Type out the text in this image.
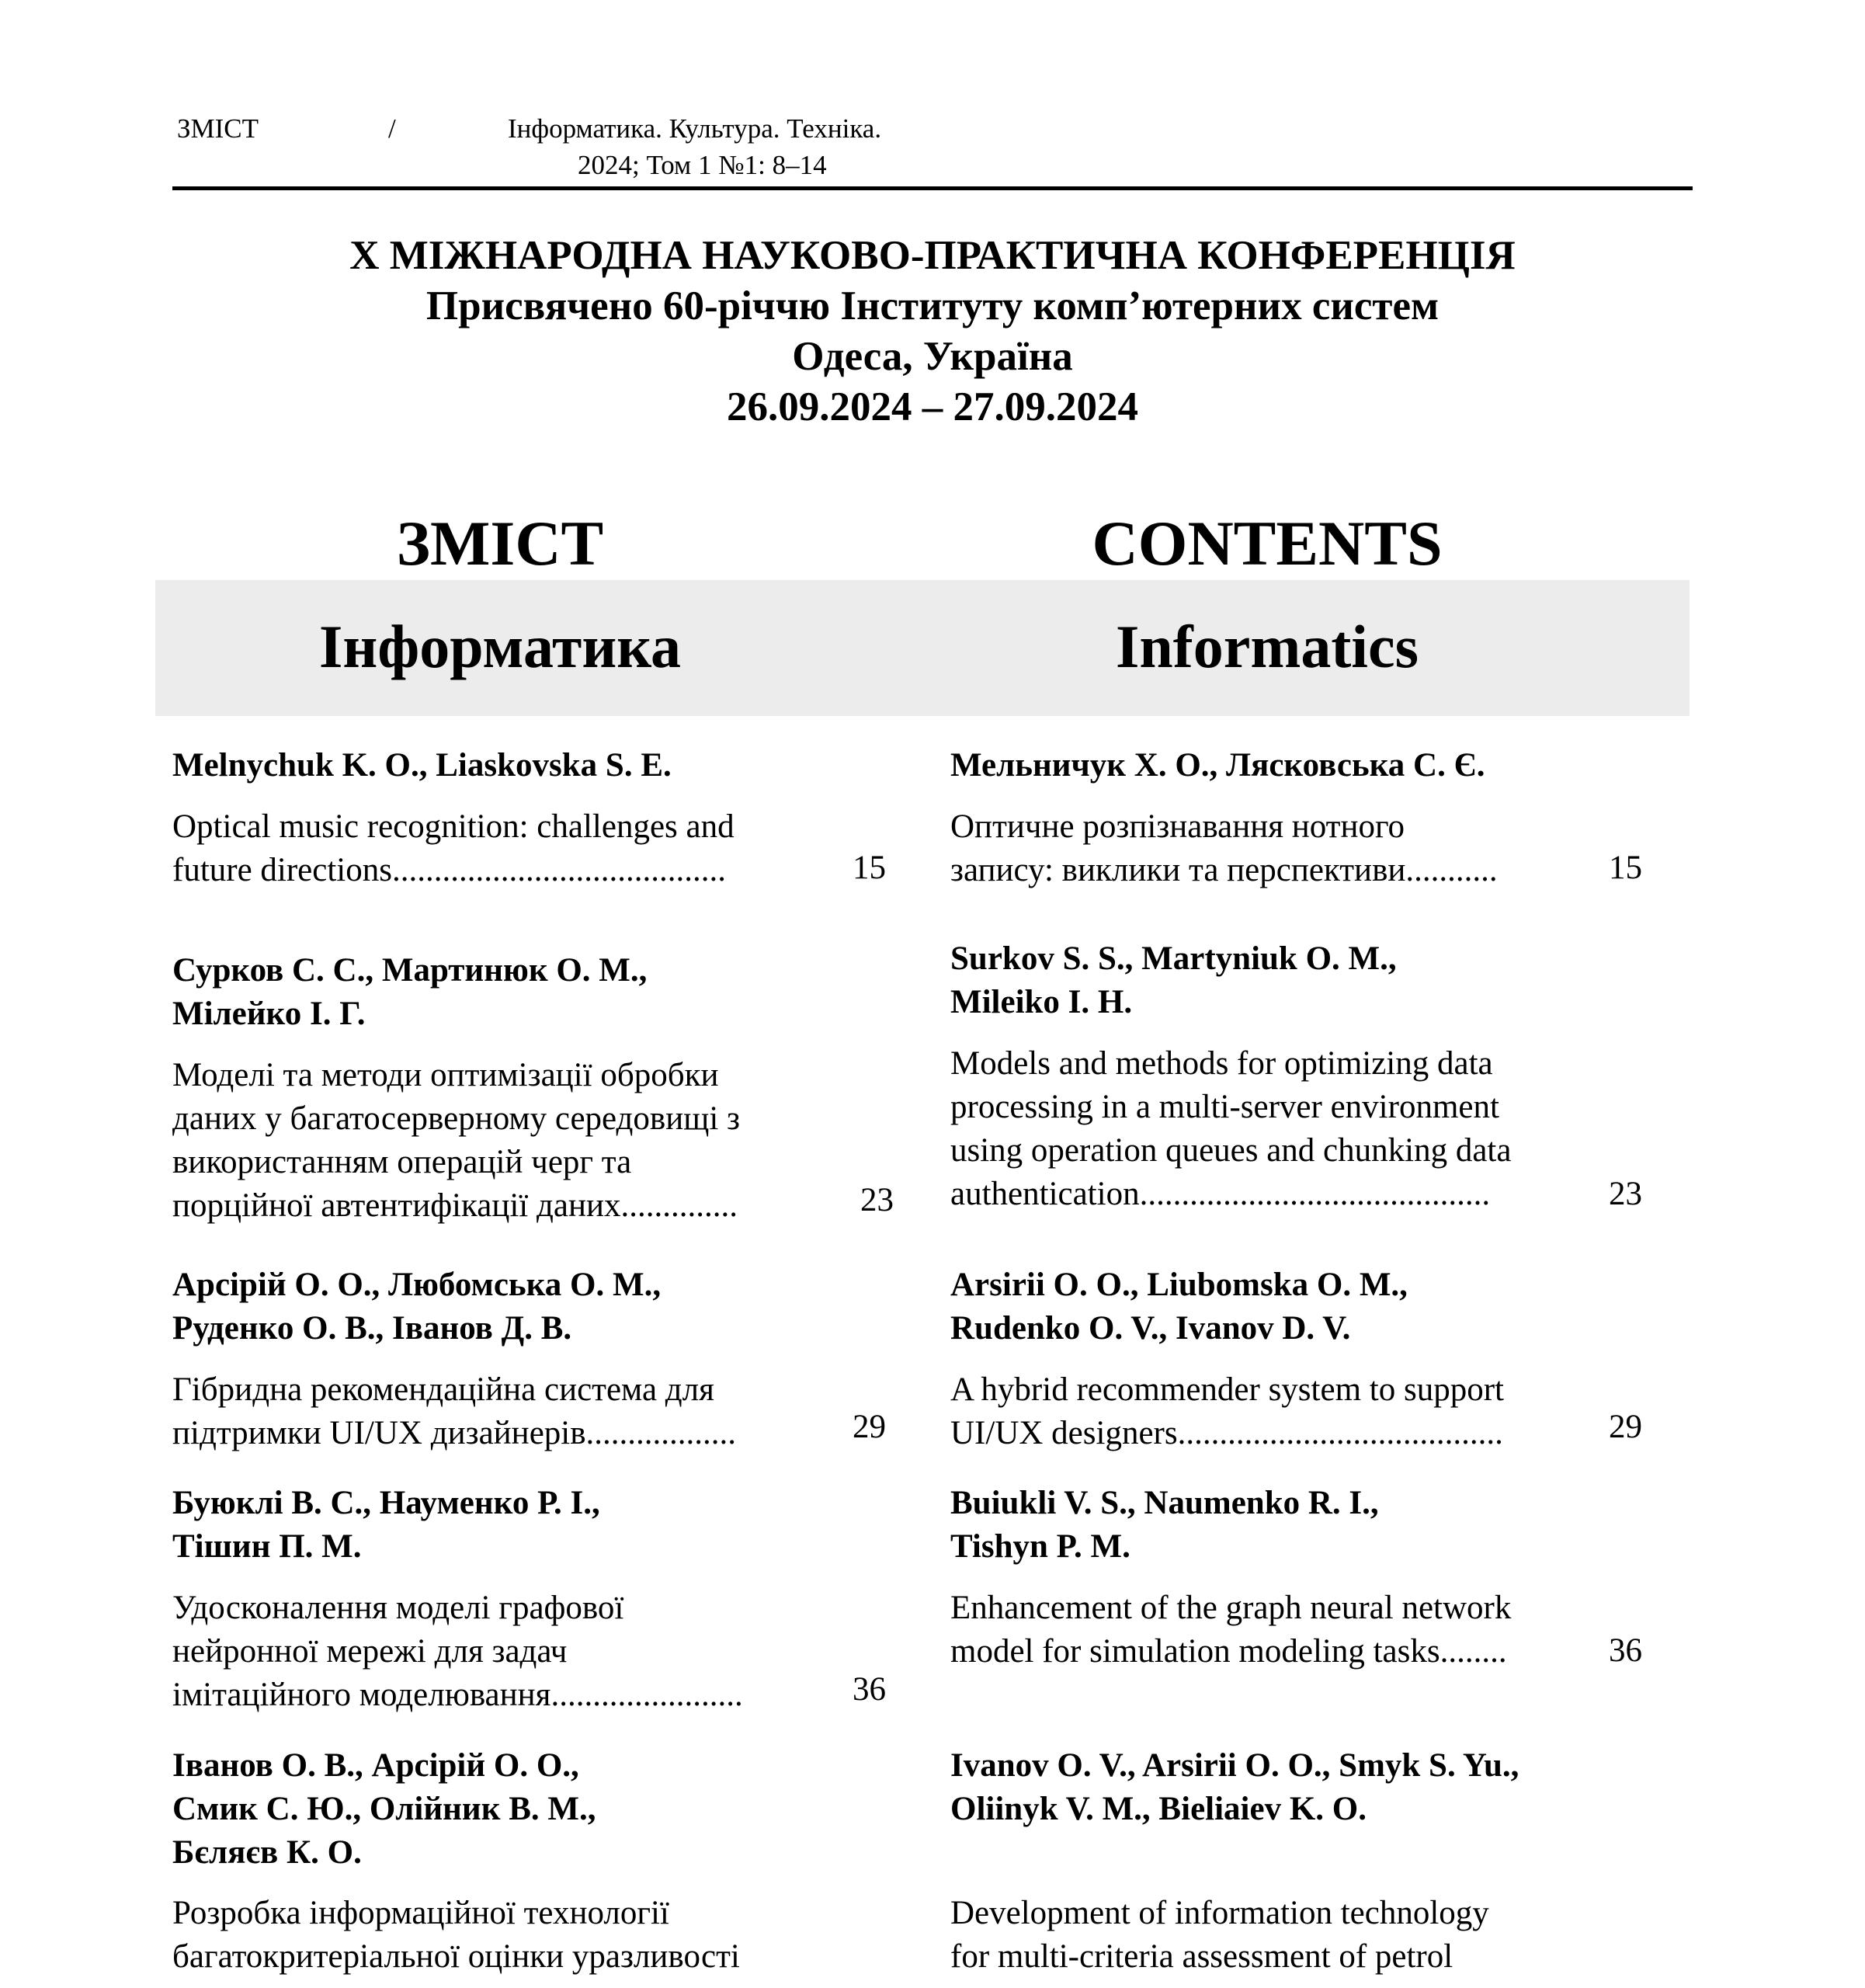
ЗМІСТ	/	Інформатика. Культура. Техніка.
2024; Том 1 №1: 8–14
X МІЖНАРОДНА НАУКОВО-ПРАКТИЧНА КОНФЕРЕНЦІЯ
Присвячено 60-річчю Інституту комп’ютерних систем
Одеса, Україна
26.09.2024 – 27.09.2024
ЗМІСТ	CONTENTS
Інформатика	Informatics
Melnychuk K. O., Liaskovska S. E.
Optical music recognition: challenges and
future directions........................................	15
Сурков С. С., Мартинюк О. М.,
Мілейко І. Г.
Моделі та методи оптимізації обробки
даних у багатосерверному середовищі з
використанням операцій черг та
порційної автентифікації даних..............	23
Арсірій О. О., Любомська О. М.,
Руденко О. В., Іванов Д. В.
Гібридна рекомендаційна система для
підтримки UI/UX дизайнерів..................	29
Буюклі В. С., Науменко Р. І.,
Тішин П. М.
Удосконалення моделі графової
нейронної мережі для задач
імітаційного моделювання.......................	36
Іванов О. В., Арсірій О. О.,
Смик С. Ю., Олійник В. М.,
Бєляєв К. О.
Розробка інформаційної технології
багатокритеріальної оцінки уразливості
Мельничук Х. О., Лясковська С. Є.
Оптичне розпізнавання нотного
запису: виклики та перспективи...........	15
Surkov S. S., Martyniuk O. M.,
Mileiko I. H.
Models and methods for optimizing data
processing in a multi-server environment
using operation queues and chunking data
authentication..........................................	23
Arsirii O. O., Liubomska O. M.,
Rudenko O. V., Ivanov D. V.
A hybrid recommender system to support
UI/UX designers.......................................	29
Buiukli V. S., Naumenko R. I.,
Tishyn P. M.
Enhancement of the graph neural network
model for simulation modeling tasks........	36
Ivanov O. V., Arsirii O. O., Smyk S. Yu.,
Oliinyk V. M., Bieliaiev K. O.
Development of information technology
for multi-criteria assessment of petrol
